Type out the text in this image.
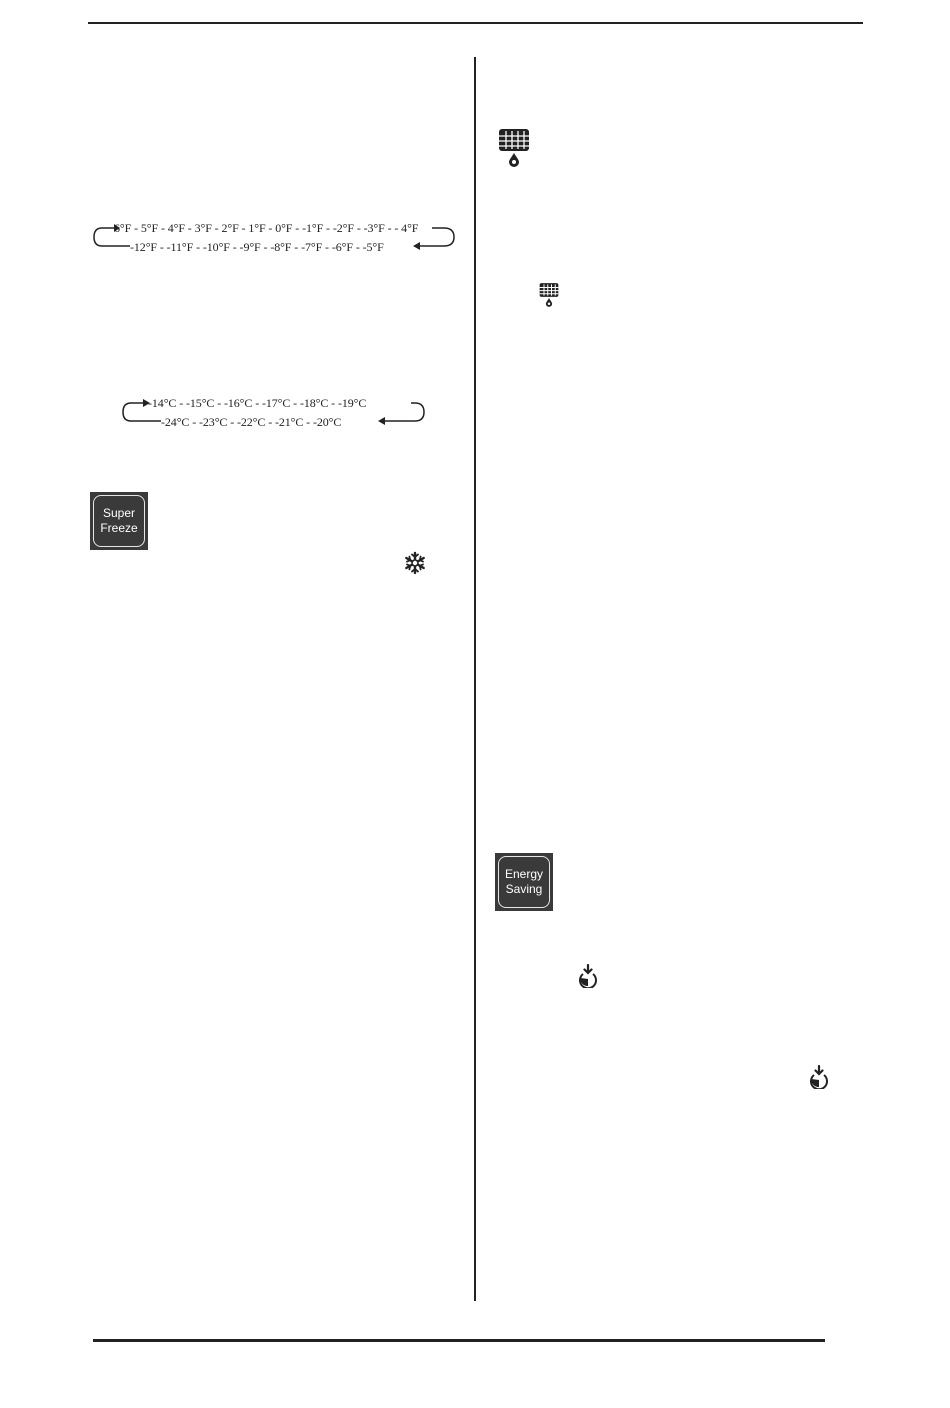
6°F - 5°F - 4°F - 3°F - 2°F - 1°F - 0°F - -1°F - -2°F - -3°F - - 4°F
-12°F - -11°F - -10°F - -9°F - -8°F - -7°F - -6°F - -5°F
-14°C - -15°C - -16°C - -17°C - -18°C - -19°C
-24°C - -23°C - -22°C - -21°C - -20°C
Super
Freeze
Energy
Saving
